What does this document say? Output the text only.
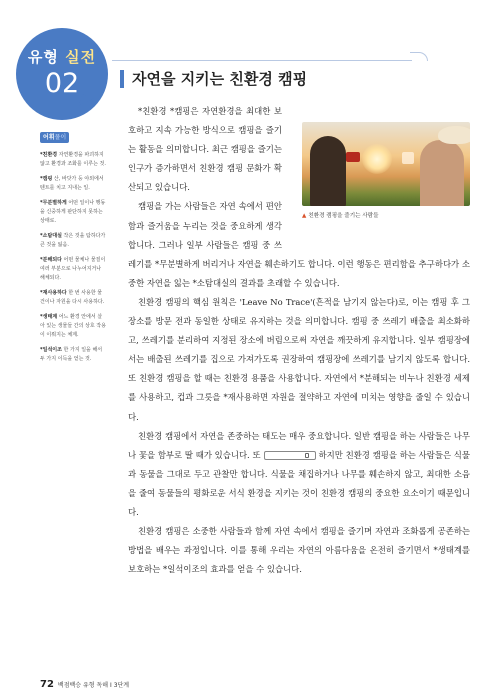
유형 실전
02	자연을 지키는 친환경 캠핑
어휘풀이
*친환경 자연환경을 파괴하지 않고 환경과 조화를 이루는 것.
*캠핑 산, 바닷가 등 야외에서 텐트를 치고 지내는 일.
*무분별하게 어떤 일이나 행동을 신중하게 판단하지 못하는 상태로.
*소탐대실 작은 것을 탐하다가 큰 것을 잃음.
*분해되다 어떤 물체나 물질이 여러 부분으로 나누어지거나 해체되다.
*재사용하다 한 번 사용한 물건이나 자원을 다시 사용하다.
*생태계 어느 환경 안에서 살아 있는 생물들 간의 상호 작용이 이뤄지는 체계.
*일석이조 한 가지 일을 해서 두 가지 이득을 얻는 것.
▲ 친환경 캠핑을 즐기는 사람들

*친환경 *캠핑은 자연환경을 최대한 보호하고 지속 가능한 방식으로 캠핑을 즐기는 활동을 의미합니다. 최근 캠핑을 즐기는 인구가 증가하면서 친환경 캠핑 문화가 확산되고 있습니다.

캠핑을 가는 사람들은 자연 속에서 편안함과 즐거움을 누리는 것을 중요하게 생각합니다. 그러나 일부 사람들은 캠핑 중 쓰레기를 *무분별하게 버리거나 자연을 훼손하기도 합니다. 이런 행동은 편리함을 추구하다가 소중한 자연을 잃는 *소탐대실의 결과를 초래할 수 있습니다.

친환경 캠핑의 핵심 원칙은 'Leave No Trace'(흔적을 남기지 않는다)로, 이는 캠핑 후 그 장소를 방문 전과 동일한 상태로 유지하는 것을 의미합니다. 캠핑 중 쓰레기 배출을 최소화하고, 쓰레기를 분리하여 지정된 장소에 버림으로써 자연을 깨끗하게 유지합니다. 일부 캠핑장에서는 배출된 쓰레기를 집으로 가져가도록 권장하여 캠핑장에 쓰레기를 남기지 않도록 합니다. 또 친환경 캠핑을 할 때는 친환경 용품을 사용합니다. 자연에서 *분해되는 비누나 친환경 세제를 사용하고, 컵과 그릇을 *재사용하면 자원을 절약하고 자연에 미치는 영향을 줄일 수 있습니다.

친환경 캠핑에서 자연을 존중하는 태도는 매우 중요합니다. 일반 캠핑을 하는 사람들은 나무나 꽃을 함부로 딸 때가 있습니다. 또	하지만 친환경 캠핑을 하는 사람들은 식물과 동물을 그대로 두고 관찰만 합니다. 식물을 채집하거나 나무를 훼손하지 않고, 최대한 소음을 줄여 동물들의 평화로운 서식 환경을 지키는 것이 친환경 캠핑의 중요한 요소이기 때문입니다.

친환경 캠핑은 소중한 사람들과 함께 자연 속에서 캠핑을 즐기며 자연과 조화롭게 공존하는 방법을 배우는 과정입니다. 이를 통해 우리는 자연의 아름다움을 온전히 즐기면서 *생태계를 보호하는 *일석이조의 효과를 얻을 수 있습니다.

72 백점백승 유형 독해 Ⅰ 3단계
